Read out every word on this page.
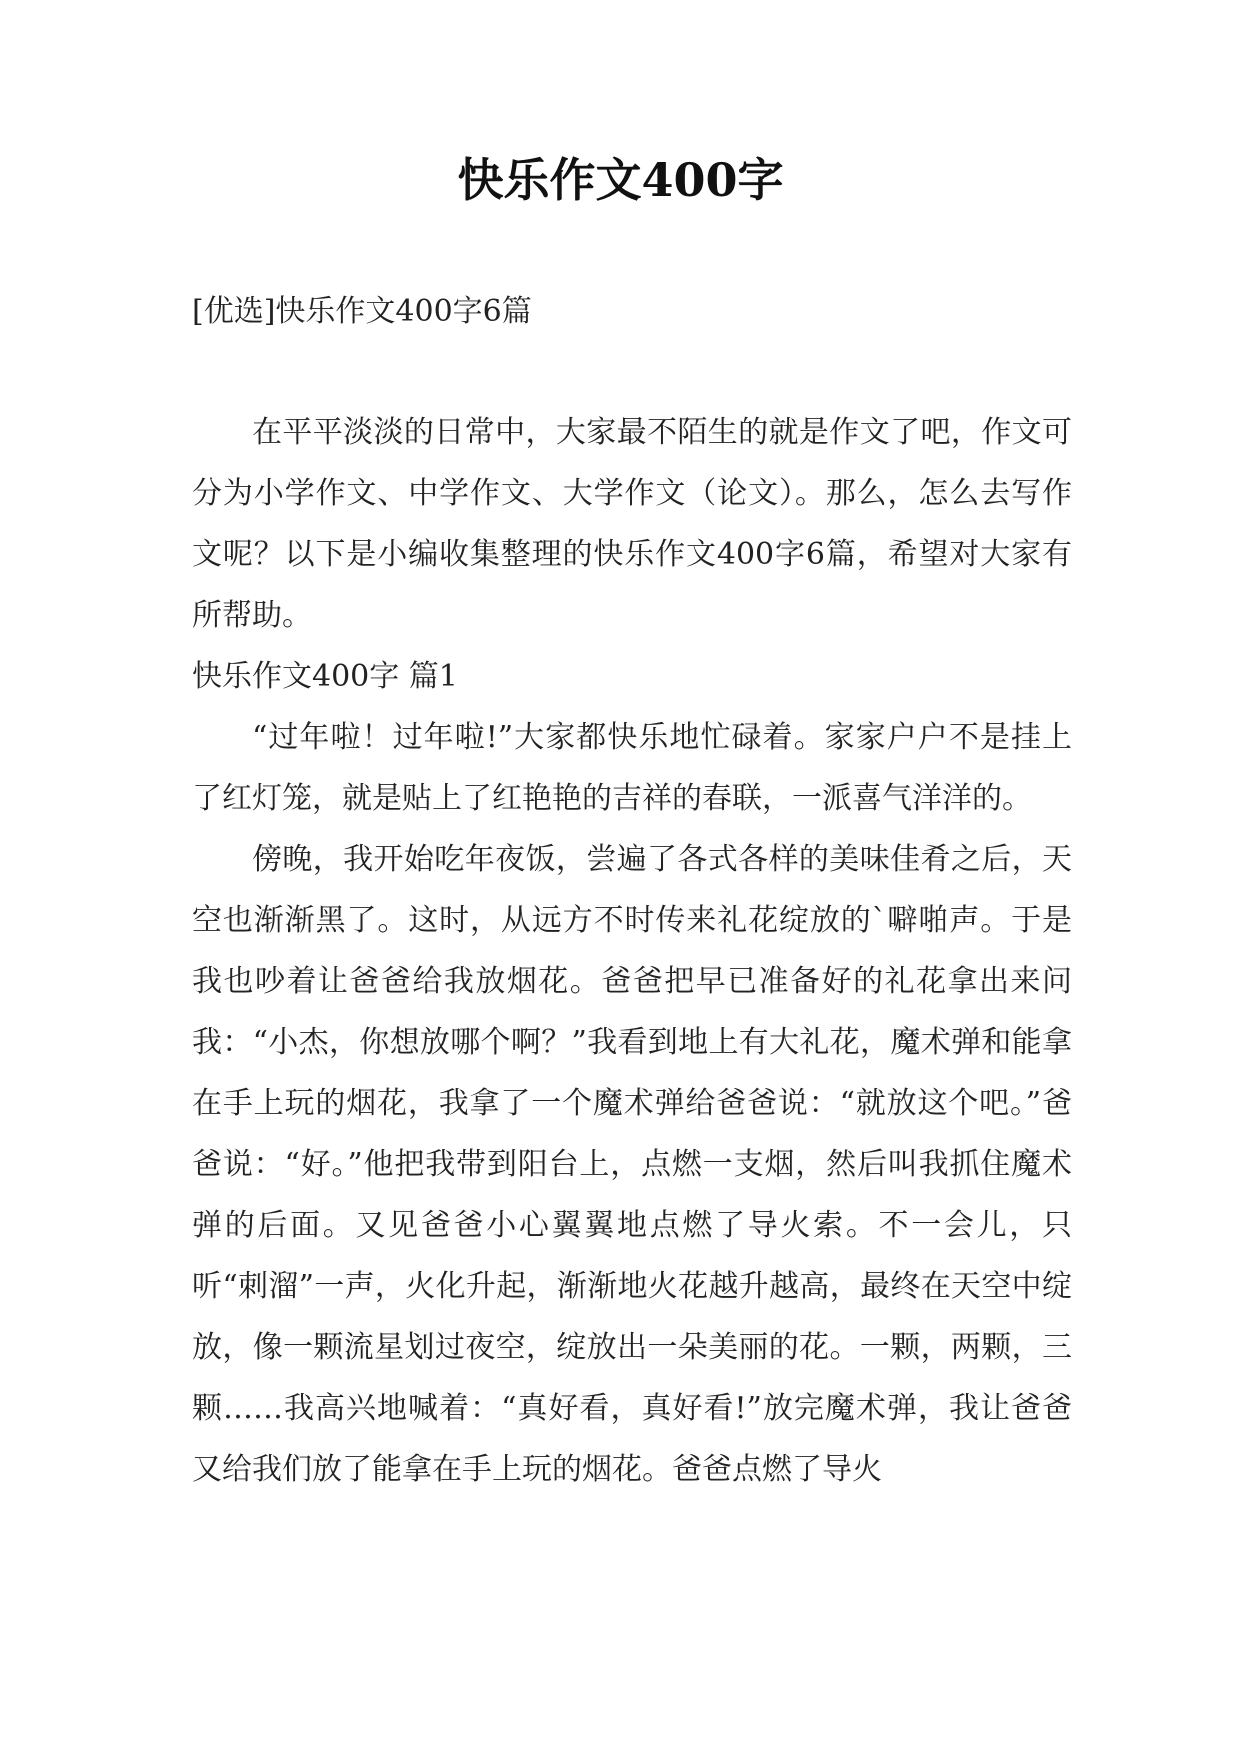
快乐作文400字

[优选]快乐作文400字6篇

在平平淡淡的日常中，大家最不陌生的就是作文了吧，作文可分为小学作文、中学作文、大学作文（论文）。那么，怎么去写作文呢？以下是小编收集整理的快乐作文400字6篇，希望对大家有所帮助。

快乐作文400字 篇1

“过年啦！过年啦!”大家都快乐地忙碌着。家家户户不是挂上了红灯笼，就是贴上了红艳艳的吉祥的春联，一派喜气洋洋的。

傍晚，我开始吃年夜饭，尝遍了各式各样的美味佳肴之后，天空也渐渐黑了。这时，从远方不时传来礼花绽放的`噼啪声。于是我也吵着让爸爸给我放烟花。爸爸把早已准备好的礼花拿出来问我：“小杰，你想放哪个啊？”我看到地上有大礼花，魔术弹和能拿在手上玩的烟花，我拿了一个魔术弹给爸爸说：“就放这个吧。”爸爸说：“好。”他把我带到阳台上，点燃一支烟，然后叫我抓住魔术弹的后面。又见爸爸小心翼翼地点燃了导火索。不一会儿，只听“刺溜”一声，火化升起，渐渐地火花越升越高，最终在天空中绽放，像一颗流星划过夜空，绽放出一朵美丽的花。一颗，两颗，三颗……我高兴地喊着：“真好看，真好看!”放完魔术弹，我让爸爸又给我们放了能拿在手上玩的烟花。爸爸点燃了导火
